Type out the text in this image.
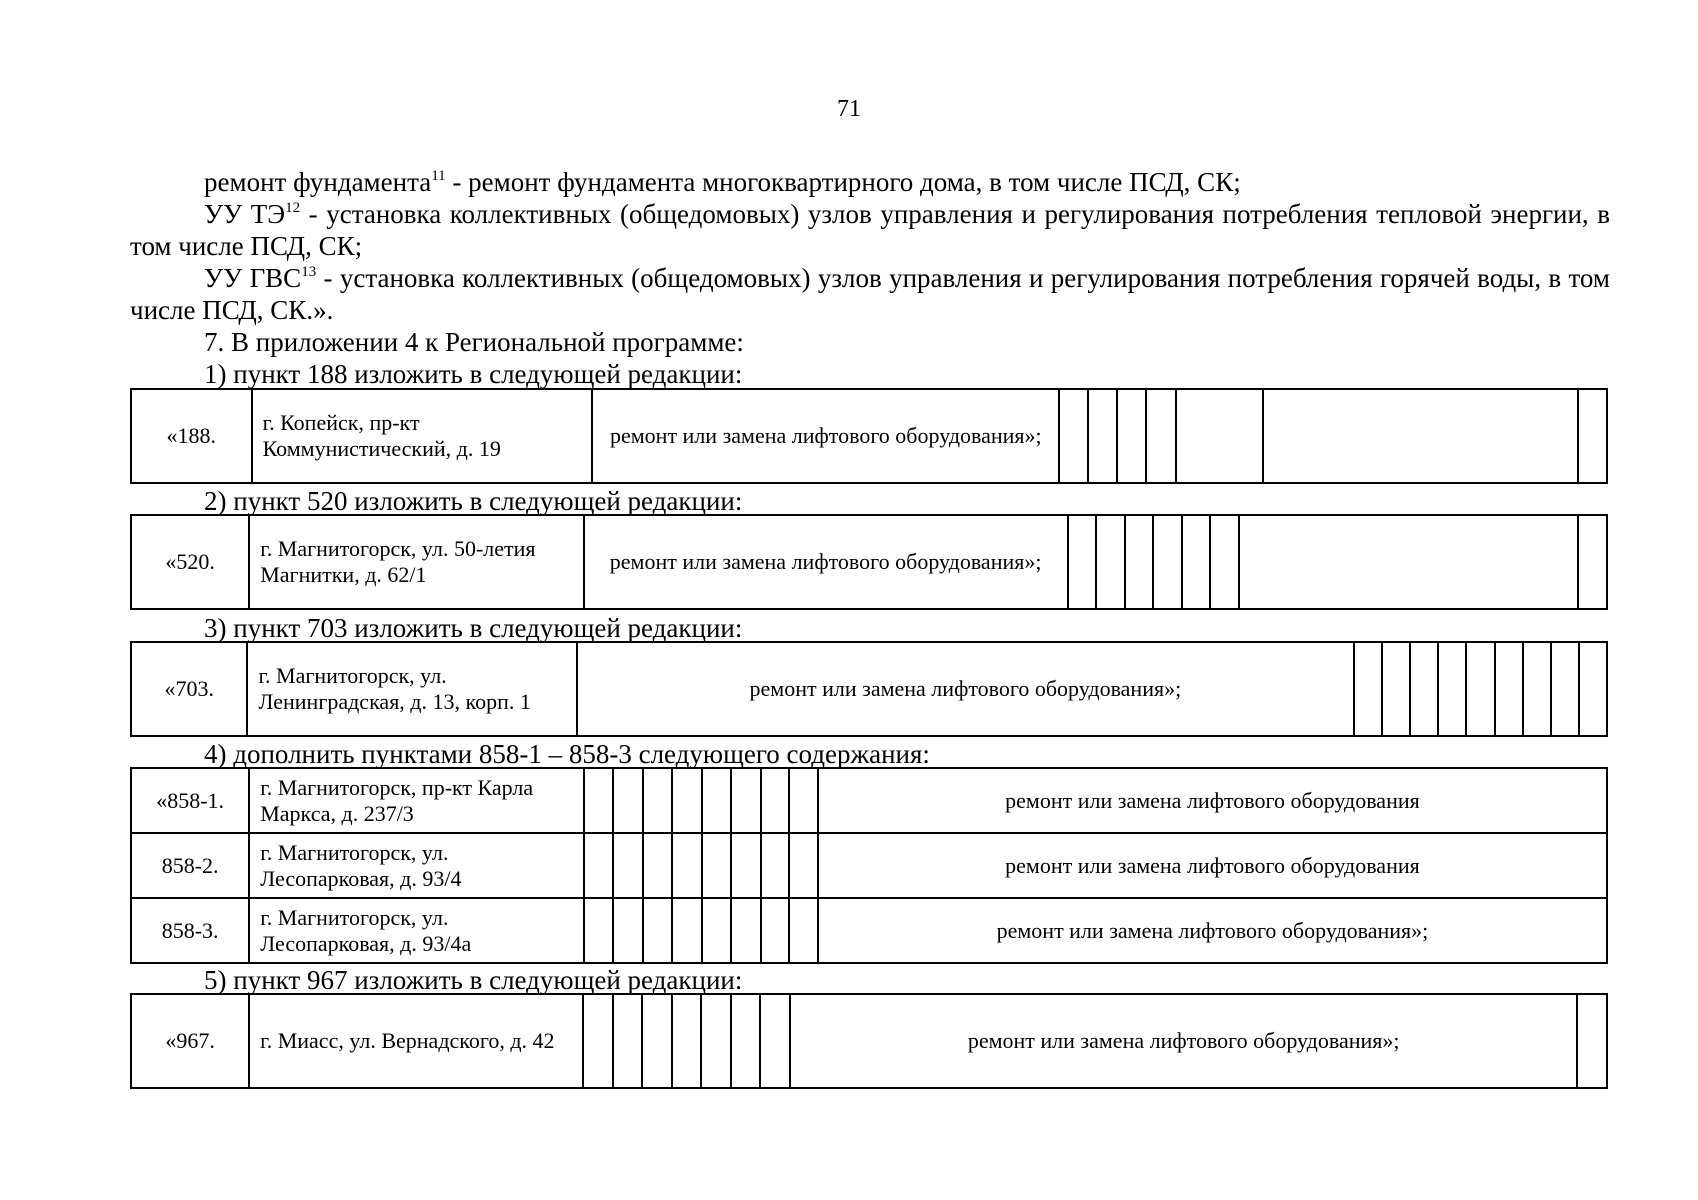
71
ремонт фундамента$^{11}$ - ремонт фундамента многоквартирного дома, в том числе ПСД, СК;
УУ ТЭ$^{12}$ - установка коллективных (общедомовых) узлов управления и регулирования потребления тепловой энергии, в том числе ПСД, СК;
УУ ГВС$^{13}$ - установка коллективных (общедомовых) узлов управления и регулирования потребления горячей воды, в том числе ПСД, СК.».
7. В приложении 4 к Региональной программе:
1) пункт 188 изложить в следующей редакции:
«188.	г. Копейск, пр-кт Коммунистический, д. 19	ремонт или замена лифтового оборудования»;							
2) пункт 520 изложить в следующей редакции:
«520.	г. Магнитогорск, ул. 50-летия Магнитки, д. 62/1	ремонт или замена лифтового оборудования»;								
3) пункт 703 изложить в следующей редакции:
«703.	г. Магнитогорск, ул. Ленинградская, д. 13, корп. 1	ремонт или замена лифтового оборудования»;									
4) дополнить пунктами 858-1 – 858-3 следующего содержания:
«858-1.	г. Магнитогорск, пр-кт Карла Маркса, д. 237/3									ремонт или замена лифтового оборудования
858-2.	г. Магнитогорск, ул. Лесопарковая, д. 93/4									ремонт или замена лифтового оборудования
858-3.	г. Магнитогорск, ул. Лесопарковая, д. 93/4а									ремонт или замена лифтового оборудования»;
5) пункт 967 изложить в следующей редакции:
«967.	г. Миасс, ул. Вернадского, д. 42								ремонт или замена лифтового оборудования»;	
